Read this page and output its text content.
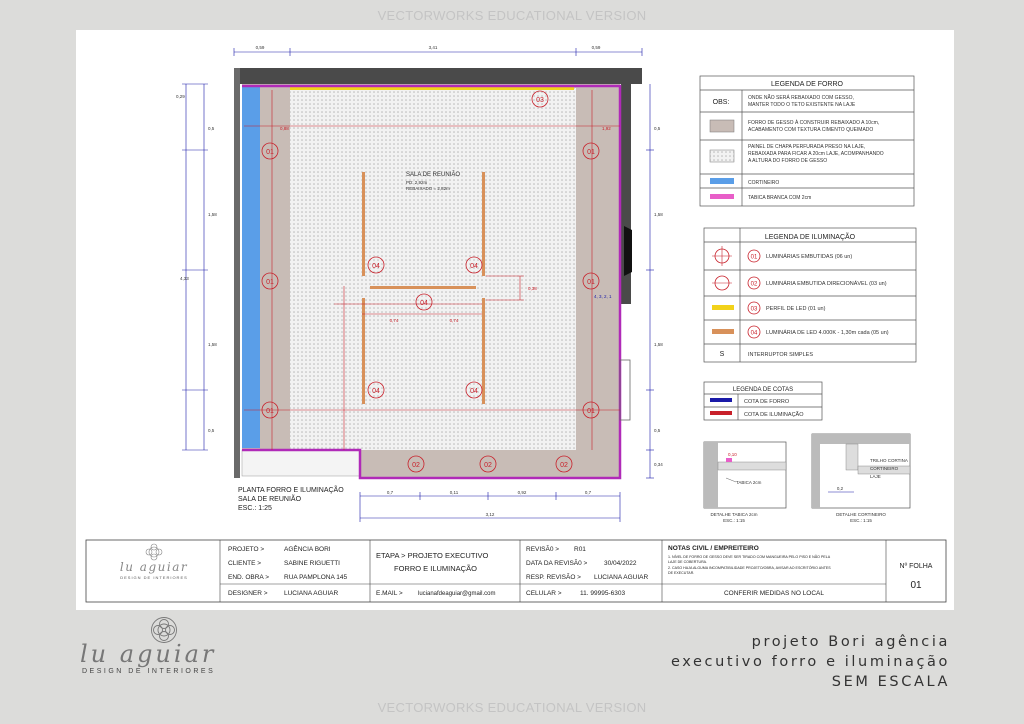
VECTORWORKS EDUCATIONAL VERSION
0,59	3,41	0,59
0,7	0,11	0,92	0,7
3,12
0,74	0,74
0,38
0,88	1,92
0,29
0,5
1,58
4,33
1,58
0,5
0,5
1,58
1,58
0,5
0,34
4, 3, 2, 1
SALA DE REUNIÃO
PD: 2,92m
REBAIXADO = 2,82m
01
01
01
01
01
01
02	02	02
03
04	04
04
04	04
PLANTA FORRO E ILUMINAÇÃO
SALA DE REUNIÃO
ESC.: 1:25
LEGENDA DE FORRO
OBS:
ONDE NÃO SERÁ REBAIXADO COM GESSO,
MANTER TODO O TETO EXISTENTE NA LAJE
FORRO DE GESSO À CONSTRUIR REBAIXADO A 10cm,
ACABAMENTO COM TEXTURA CIMENTO QUEIMADO
PAINEL DE CHAPA PERFURADA PRESO NA LAJE,
REBAIXADA PARA FICAR A 20cm LAJE, ACOMPANHANDO
A ALTURA DO FORRO DE GESSO
CORTINEIRO
TABICA BRANCA COM 2cm
LEGENDA DE ILUMINAÇÃO
01 LUMINÁRIAS EMBUTIDAS (06 un)
02 LUMINÁRIA EMBUTIDA DIRECIONÁVEL (03 un)
03 PERFIL DE LED (01 un)
04 LUMINÁRIA DE LED 4.000K - 1,30m cada (05 un)
S	INTERRUPTOR SIMPLES
LEGENDA DE COTAS
COTA DE FORRO
COTA DE ILUMINAÇÃO
0,10
TABICA 2cm
DETALHE TABICA 2cm
ESC.: 1:15
TRILHO CORTINA
CORTINEIRO
LAJE
0,2
DETALHE CORTINEIRO
ESC.: 1:15
lu aguiar
DESIGN DE INTERIORES
PROJETO >	AGÊNCIA BORI
CLIENTE >	SABINE RIGUETTI
END. OBRA > RUA PAMPLONA 145
DESIGNER >	LUCIANA AGUIAR
ETAPA > PROJETO EXECUTIVO
FORRO E ILUMINAÇÃO
E.MAIL >	lucianafdeaguiar@gmail.com
REVISÃ0 > R01
DATA DA REVISÃ0 >	30/04/2022
RESP. REVISÃO > LUCIANA AGUIAR
CELULAR >	11. 99995-6303
NOTAS CIVIL / EMPREITEIRO
1. NÍVEL DE FORRO DE GESSO DEVE SER TIRADO COM MANGUEIRA PELO PISO E NÃO PELA
LAJE DE COBERTURA.
2. CASO HAJA ALGUMA INCOMPATIBILIDADE PROJETO/OBRA, AVISAR AO ESCRITÓRIO ANTES
DE EXECUTAR.
CONFERIR MEDIDAS NO LOCAL
Nº FOLHA
01
lu aguiar
DESIGN DE INTERIORES
projeto Bori agência
executivo forro e iluminação
SEM ESCALA
VECTORWORKS EDUCATIONAL VERSION
